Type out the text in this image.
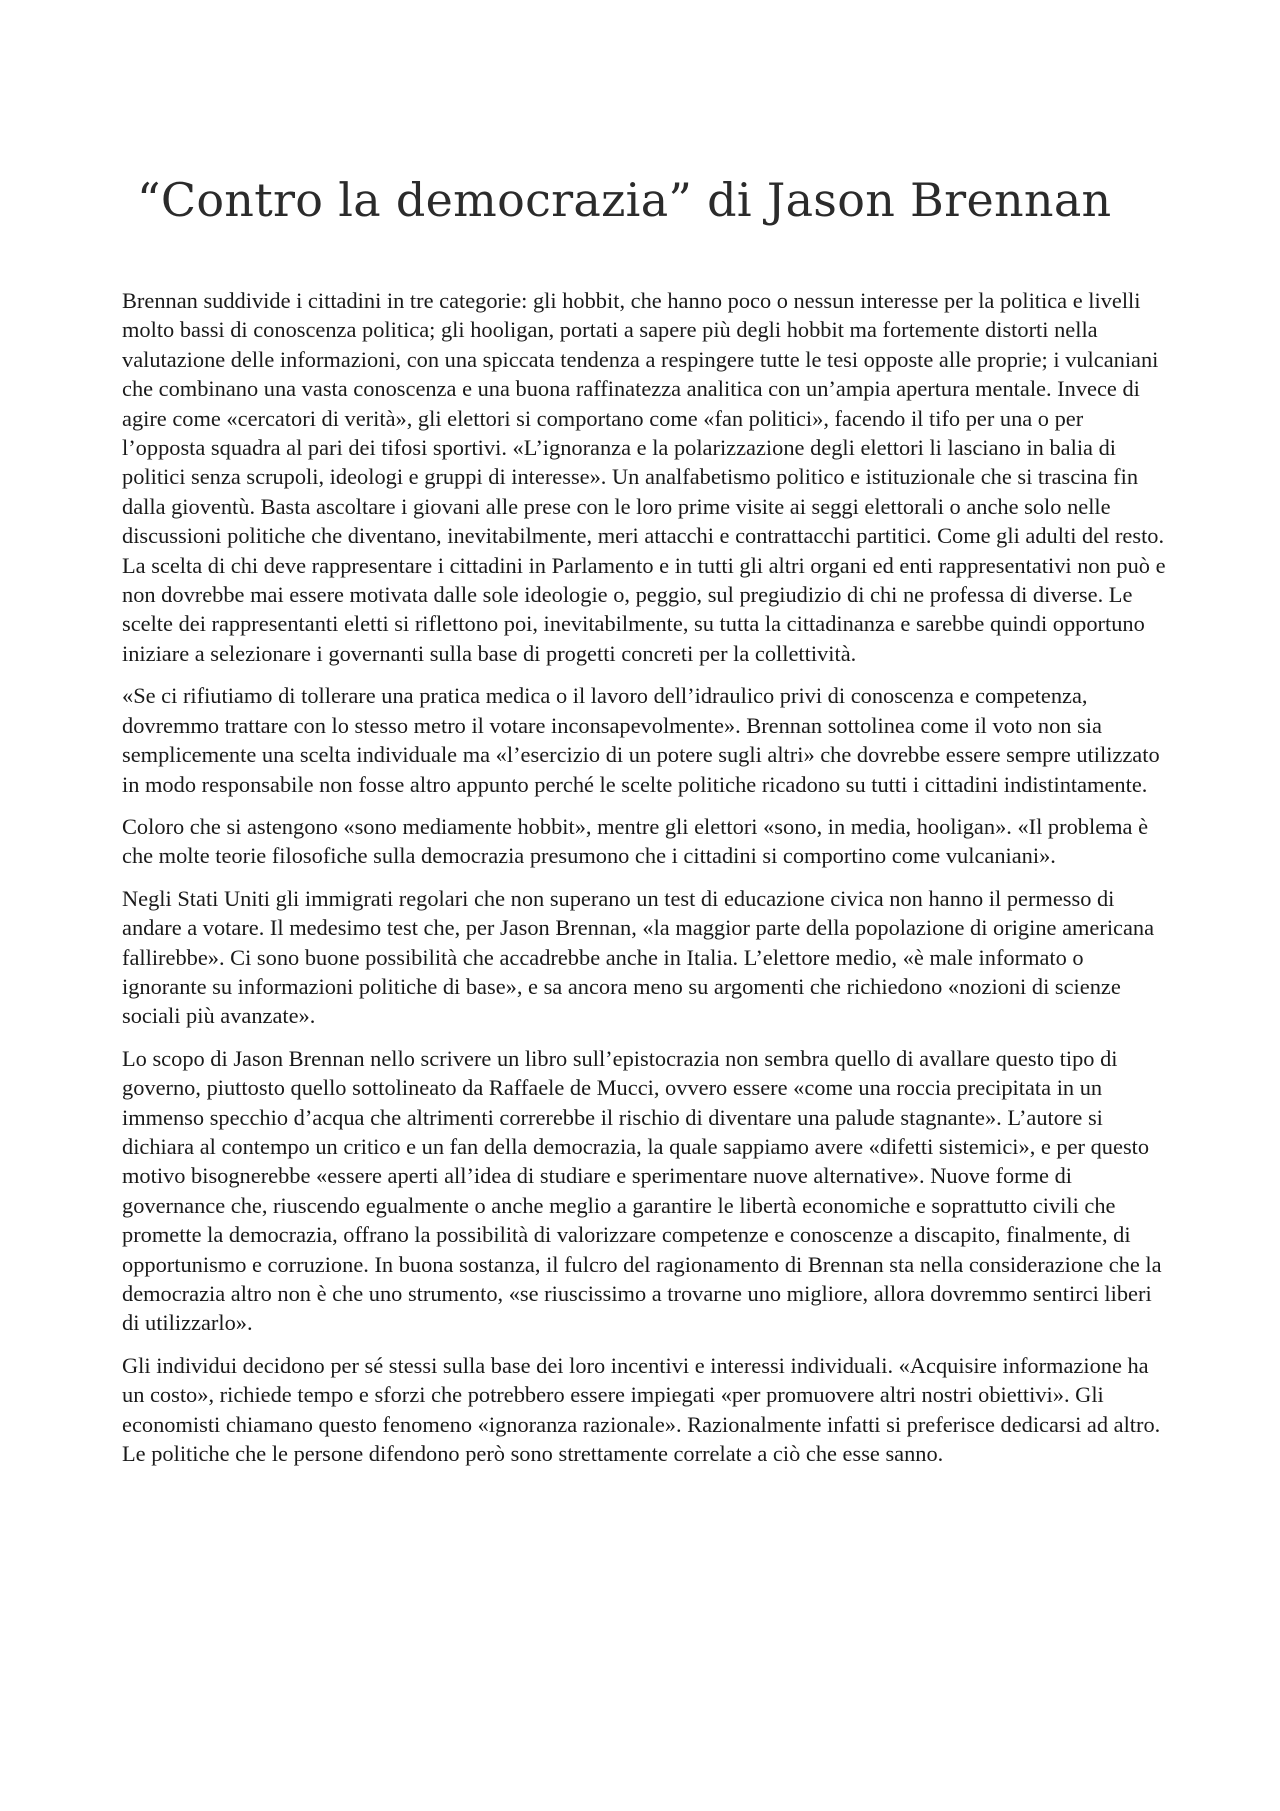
“Contro la democrazia” di Jason Brennan

Brennan suddivide i cittadini in tre categorie: gli hobbit, che hanno poco o nessun interesse per la politica e livelli molto bassi di conoscenza politica; gli hooligan, portati a sapere più degli hobbit ma fortemente distorti nella valutazione delle informazioni, con una spiccata tendenza a respingere tutte le tesi opposte alle proprie; i vulcaniani che combinano una vasta conoscenza e una buona raffinatezza analitica con un’ampia apertura mentale. Invece di agire come «cercatori di verità», gli elettori si comportano come «fan politici», facendo il tifo per una o per l’opposta squadra al pari dei tifosi sportivi. «L’ignoranza e la polarizzazione degli elettori li lasciano in balia di politici senza scrupoli, ideologi e gruppi di interesse». Un analfabetismo politico e istituzionale che si trascina fin dalla gioventù. Basta ascoltare i giovani alle prese con le loro prime visite ai seggi elettorali o anche solo nelle discussioni politiche che diventano, inevitabilmente, meri attacchi e contrattacchi partitici. Come gli adulti del resto. La scelta di chi deve rappresentare i cittadini in Parlamento e in tutti gli altri organi ed enti rappresentativi non può e non dovrebbe mai essere motivata dalle sole ideologie o, peggio, sul pregiudizio di chi ne professa di diverse. Le scelte dei rappresentanti eletti si riflettono poi, inevitabilmente, su tutta la cittadinanza e sarebbe quindi opportuno iniziare a selezionare i governanti sulla base di progetti concreti per la collettività.

«Se ci rifiutiamo di tollerare una pratica medica o il lavoro dell’idraulico privi di conoscenza e competenza, dovremmo trattare con lo stesso metro il votare inconsapevolmente». Brennan sottolinea come il voto non sia semplicemente una scelta individuale ma «l’esercizio di un potere sugli altri» che dovrebbe essere sempre utilizzato in modo responsabile non fosse altro appunto perché le scelte politiche ricadono su tutti i cittadini indistintamente.

Coloro che si astengono «sono mediamente hobbit», mentre gli elettori «sono, in media, hooligan». «Il problema è che molte teorie filosofiche sulla democrazia presumono che i cittadini si comportino come vulcaniani».

Negli Stati Uniti gli immigrati regolari che non superano un test di educazione civica non hanno il permesso di andare a votare. Il medesimo test che, per Jason Brennan, «la maggior parte della popolazione di origine americana fallirebbe». Ci sono buone possibilità che accadrebbe anche in Italia. L’elettore medio, «è male informato o ignorante su informazioni politiche di base», e sa ancora meno su argomenti che richiedono «nozioni di scienze sociali più avanzate».

Lo scopo di Jason Brennan nello scrivere un libro sull’epistocrazia non sembra quello di avallare questo tipo di governo, piuttosto quello sottolineato da Raffaele de Mucci, ovvero essere «come una roccia precipitata in un immenso specchio d’acqua che altrimenti correrebbe il rischio di diventare una palude stagnante». L’autore si dichiara al contempo un critico e un fan della democrazia, la quale sappiamo avere «difetti sistemici», e per questo motivo bisognerebbe «essere aperti all’idea di studiare e sperimentare nuove alternative». Nuove forme di governance che, riuscendo egualmente o anche meglio a garantire le libertà economiche e soprattutto civili che promette la democrazia, offrano la possibilità di valorizzare competenze e conoscenze a discapito, finalmente, di opportunismo e corruzione. In buona sostanza, il fulcro del ragionamento di Brennan sta nella considerazione che la democrazia altro non è che uno strumento, «se riuscissimo a trovarne uno migliore, allora dovremmo sentirci liberi di utilizzarlo».

Gli individui decidono per sé stessi sulla base dei loro incentivi e interessi individuali. «Acquisire informazione ha un costo», richiede tempo e sforzi che potrebbero essere impiegati «per promuovere altri nostri obiettivi». Gli economisti chiamano questo fenomeno «ignoranza razionale». Razionalmente infatti si preferisce dedicarsi ad altro. Le politiche che le persone difendono però sono strettamente correlate a ciò che esse sanno.
